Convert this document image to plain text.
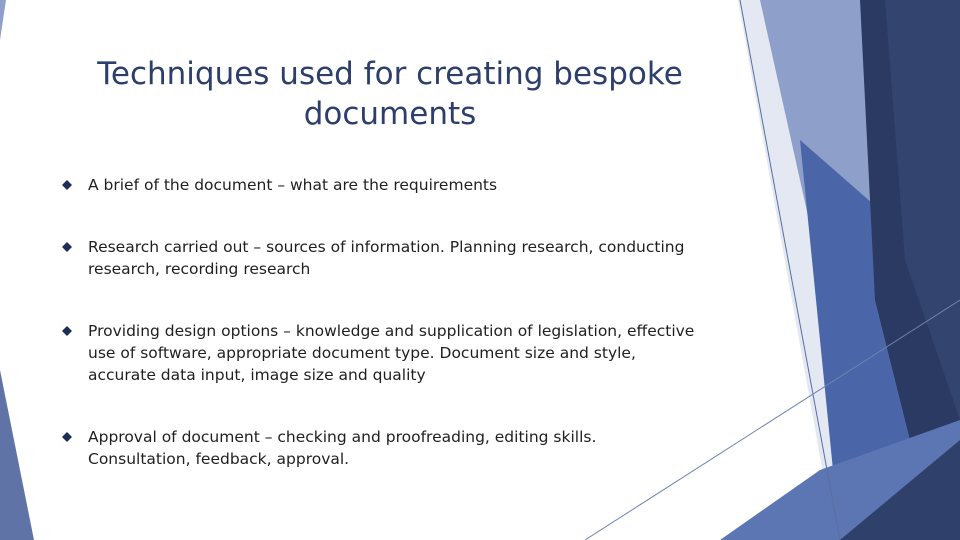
Techniques used for creating bespoke
documents
A brief of the document – what are the requirements
Research carried out – sources of information. Planning research, conducting
research, recording research
Providing design options – knowledge and supplication of legislation, effective
use of software, appropriate document type. Document size and style,
accurate data input, image size and quality
Approval of document – checking and proofreading, editing skills.
Consultation, feedback, approval.
